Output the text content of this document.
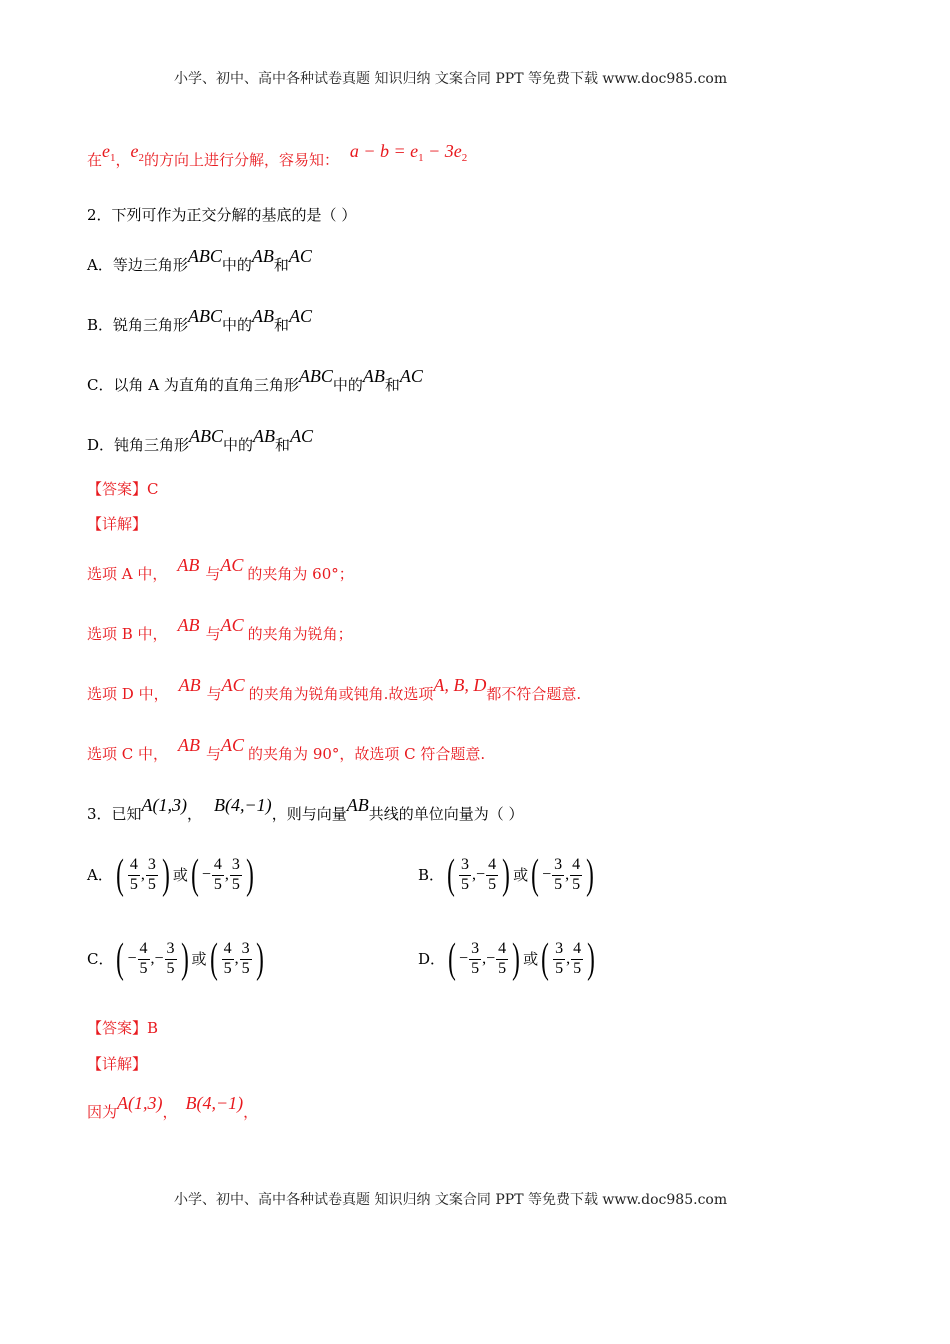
小学、初中、高中各种试卷真题 知识归纳 文案合同 PPT 等免费下载 www.doc985.com
在$e_1$，$e_2$的方向上进行分解，容易知： $a - b = e_1 - 3e_2$
2．下列可作为正交分解的基底的是（ ）
A．等边三角形ABC中的AB和AC
B．锐角三角形ABC中的AB和AC
C．以角 A 为直角的直角三角形ABC中的AB和AC
D．钝角三角形ABC中的AB和AC
【答案】C
【详解】
选项 A 中， AB 与AC 的夹角为 60°；
选项 B 中， AB 与AC 的夹角为锐角；
选项 D 中， AB 与AC 的夹角为锐角或钝角.故选项A, B, D都不符合题意.
选项 C 中， AB 与AC 的夹角为 90°，故选项 C 符合题意.
3．已知A(1,3)， B(4,−1)，则与向量AB共线的单位向量为（ ）
A． ( $\frac{4}{5}$ , $\frac{3}{5}$ ) 或 ( − $\frac{4}{5}$ , $\frac{3}{5}$ )	B． ( $\frac{3}{5}$ , − $\frac{4}{5}$ ) 或 ( − $\frac{3}{5}$ , $\frac{4}{5}$ )
C． ( − $\frac{4}{5}$ , − $\frac{3}{5}$ ) 或 ( $\frac{4}{5}$ , $\frac{3}{5}$ )	D． ( − $\frac{3}{5}$ , − $\frac{4}{5}$ ) 或 ( $\frac{3}{5}$ , $\frac{4}{5}$ )
【答案】B
【详解】
因为A(1,3)， B(4,−1)，
小学、初中、高中各种试卷真题 知识归纳 文案合同 PPT 等免费下载 www.doc985.com
